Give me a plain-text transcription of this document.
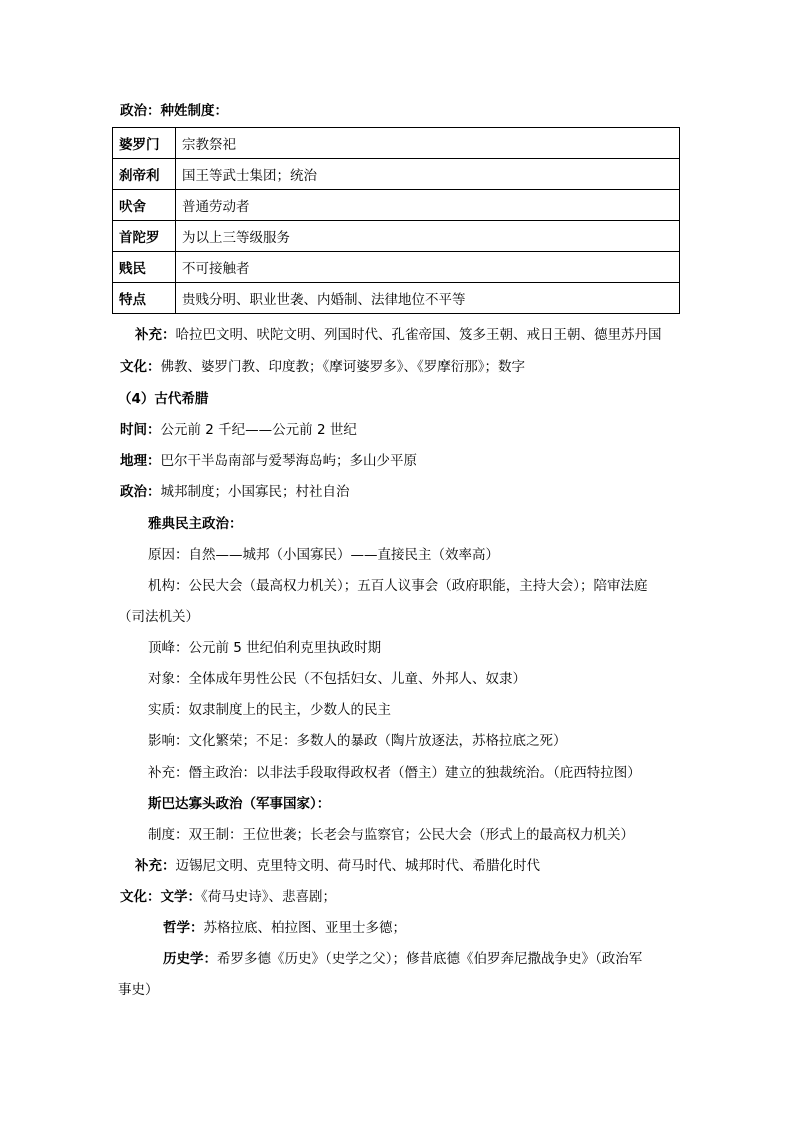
政治：种姓制度：
婆罗门	宗教祭祀
刹帝利	国王等武士集团；统治
吠舍	普通劳动者
首陀罗	为以上三等级服务
贱民	不可接触者
特点	贵贱分明、职业世袭、内婚制、法律地位不平等
补充：哈拉巴文明、吠陀文明、列国时代、孔雀帝国、笈多王朝、戒日王朝、德里苏丹国
文化：佛教、婆罗门教、印度教；《摩诃婆罗多》、《罗摩衍那》；数字
（4）古代希腊
时间：公元前 2 千纪——公元前 2 世纪
地理：巴尔干半岛南部与爱琴海岛屿；多山少平原
政治：城邦制度；小国寡民；村社自治
雅典民主政治：
原因：自然——城邦（小国寡民）——直接民主（效率高）
机构：公民大会（最高权力机关）；五百人议事会（政府职能，主持大会）；陪审法庭
（司法机关）
顶峰：公元前 5 世纪伯利克里执政时期
对象：全体成年男性公民（不包括妇女、儿童、外邦人、奴隶）
实质：奴隶制度上的民主，少数人的民主
影响：文化繁荣；不足：多数人的暴政（陶片放逐法，苏格拉底之死）
补充：僭主政治：以非法手段取得政权者（僭主）建立的独裁统治。（庇西特拉图）
斯巴达寡头政治（军事国家）：
制度：双王制：王位世袭；长老会与监察官；公民大会（形式上的最高权力机关）
补充：迈锡尼文明、克里特文明、荷马时代、城邦时代、希腊化时代
文化：文学：《荷马史诗》、悲喜剧；
哲学：苏格拉底、柏拉图、亚里士多德；
历史学：希罗多德《历史》（史学之父）；修昔底德《伯罗奔尼撒战争史》（政治军
事史）
